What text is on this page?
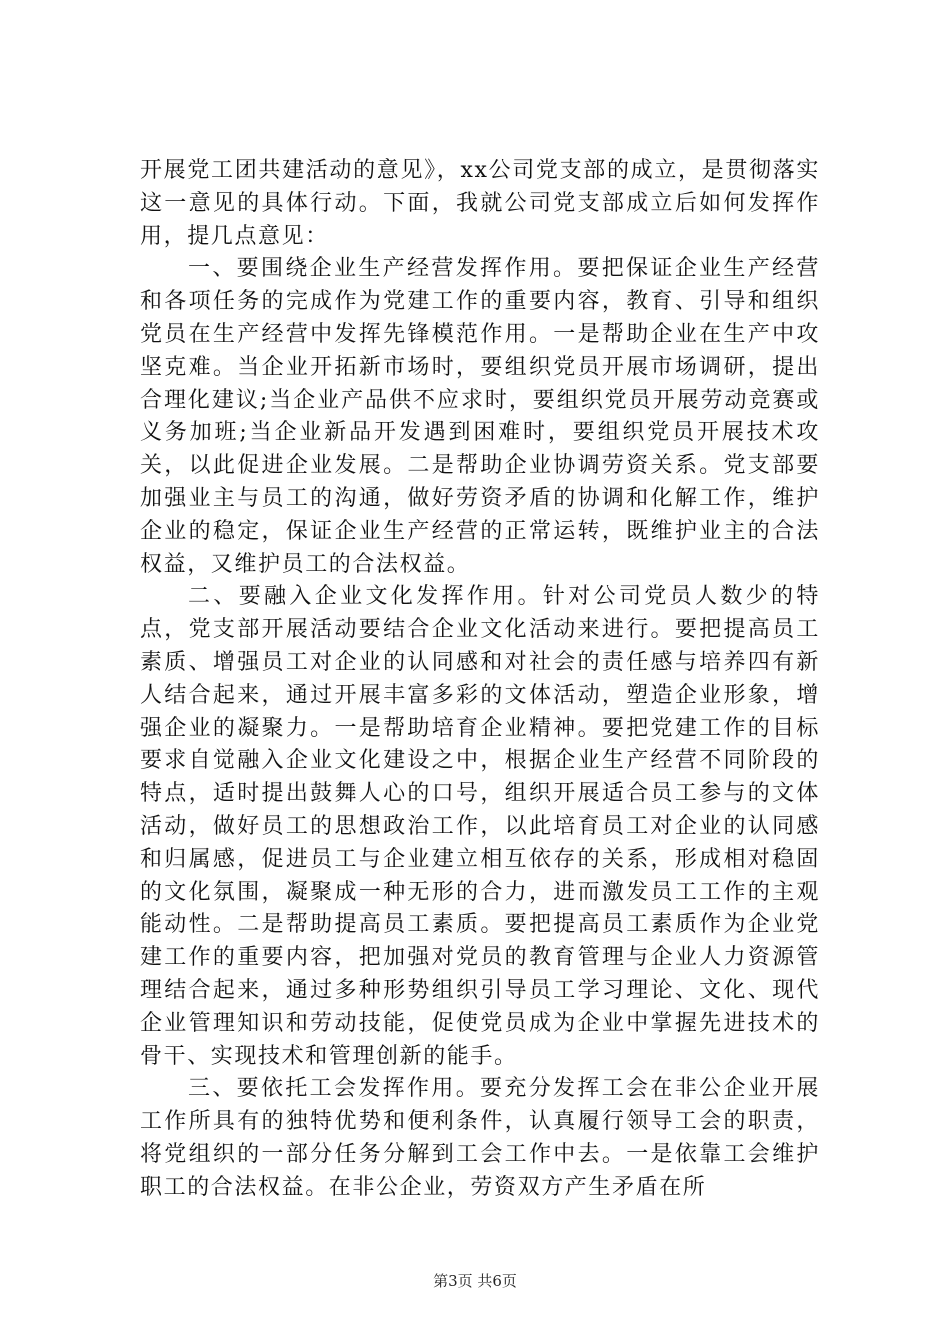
开展党工团共建活动的意见》，xx公司党支部的成立，是贯彻落实这一意见的具体行动。下面，我就公司党支部成立后如何发挥作用，提几点意见：

一、要围绕企业生产经营发挥作用。要把保证企业生产经营和各项任务的完成作为党建工作的重要内容，教育、引导和组织党员在生产经营中发挥先锋模范作用。一是帮助企业在生产中攻坚克难。当企业开拓新市场时，要组织党员开展市场调研，提出合理化建议;当企业产品供不应求时，要组织党员开展劳动竞赛或义务加班;当企业新品开发遇到困难时，要组织党员开展技术攻关，以此促进企业发展。二是帮助企业协调劳资关系。党支部要加强业主与员工的沟通，做好劳资矛盾的协调和化解工作，维护企业的稳定，保证企业生产经营的正常运转，既维护业主的合法权益，又维护员工的合法权益。

二、要融入企业文化发挥作用。针对公司党员人数少的特点，党支部开展活动要结合企业文化活动来进行。要把提高员工素质、增强员工对企业的认同感和对社会的责任感与培养四有新人结合起来，通过开展丰富多彩的文体活动，塑造企业形象，增强企业的凝聚力。一是帮助培育企业精神。要把党建工作的目标要求自觉融入企业文化建设之中，根据企业生产经营不同阶段的特点，适时提出鼓舞人心的口号，组织开展适合员工参与的文体活动，做好员工的思想政治工作，以此培育员工对企业的认同感和归属感，促进员工与企业建立相互依存的关系，形成相对稳固的文化氛围，凝聚成一种无形的合力，进而激发员工工作的主观能动性。二是帮助提高员工素质。要把提高员工素质作为企业党建工作的重要内容，把加强对党员的教育管理与企业人力资源管理结合起来，通过多种形势组织引导员工学习理论、文化、现代企业管理知识和劳动技能，促使党员成为企业中掌握先进技术的骨干、实现技术和管理创新的能手。

三、要依托工会发挥作用。要充分发挥工会在非公企业开展工作所具有的独特优势和便利条件，认真履行领导工会的职责，将党组织的一部分任务分解到工会工作中去。一是依靠工会维护职工的合法权益。在非公企业，劳资双方产生矛盾在所

第3页 共6页
